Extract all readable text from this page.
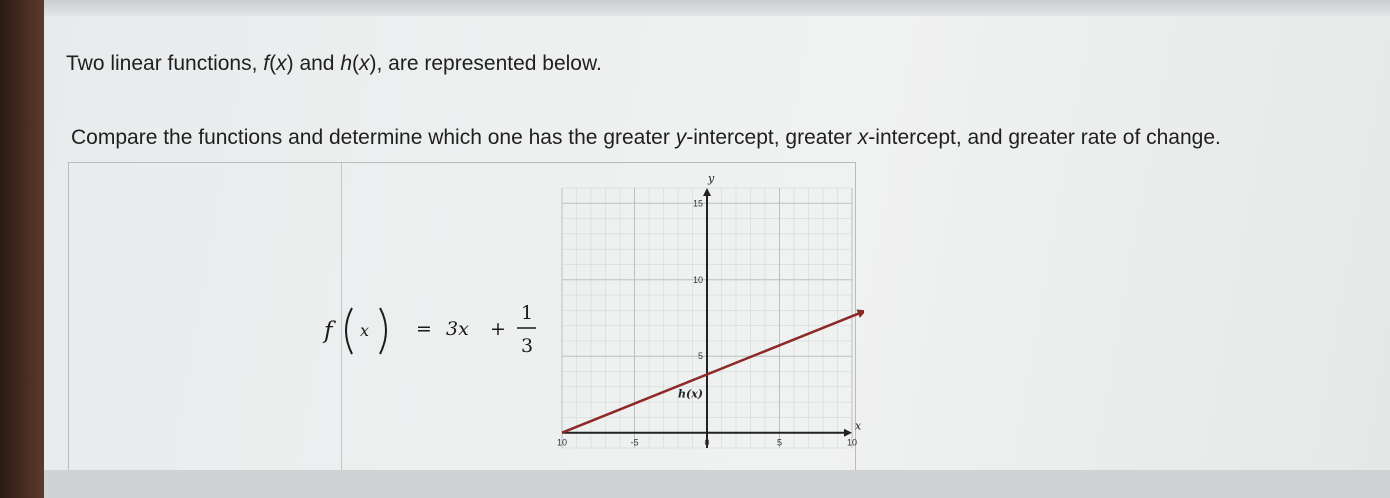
Two linear functions, f(x) and h(x), are represented below.

Compare the functions and determine which one has the greater y-intercept, greater x-intercept, and greater rate of change.

f x = 3x +
1
3
10	-5	0	5	10
15
10
5
x
y
h(x)
